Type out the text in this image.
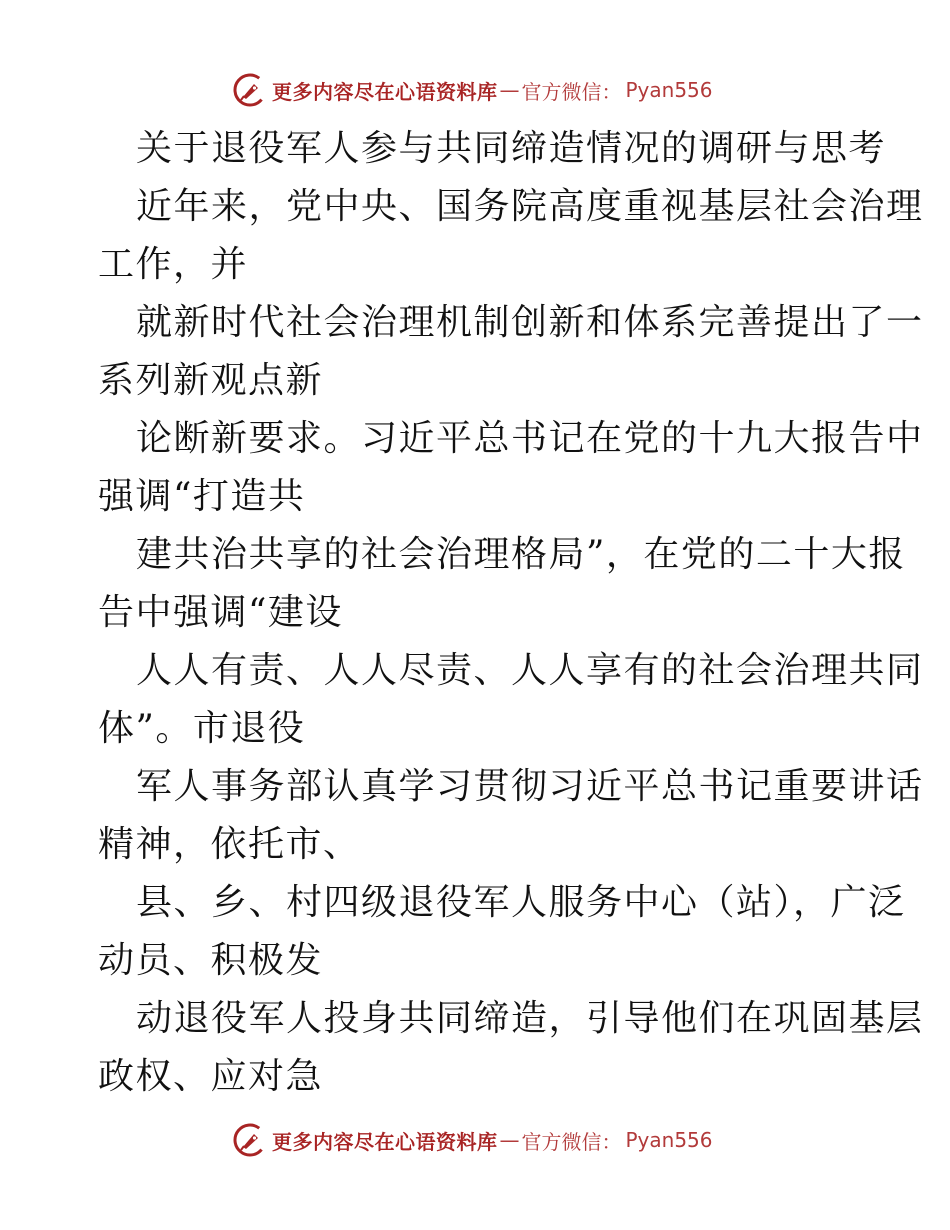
更多内容尽在心语资料库 — 官方微信： Pyan556
关于退役军人参与共同缔造情况的调研与思考
近年来，党中央、国务院高度重视基层社会治理
工作，并
就新时代社会治理机制创新和体系完善提出了一
系列新观点新
论断新要求。习近平总书记在党的十九大报告中
强调“打造共
建共治共享的社会治理格局”，在党的二十大报
告中强调“建设
人人有责、人人尽责、人人享有的社会治理共同
体”。市退役
军人事务部认真学习贯彻习近平总书记重要讲话
精神，依托市、
县、乡、村四级退役军人服务中心（站），广泛
动员、积极发
动退役军人投身共同缔造，引导他们在巩固基层
政权、应对急
更多内容尽在心语资料库 — 官方微信： Pyan556
